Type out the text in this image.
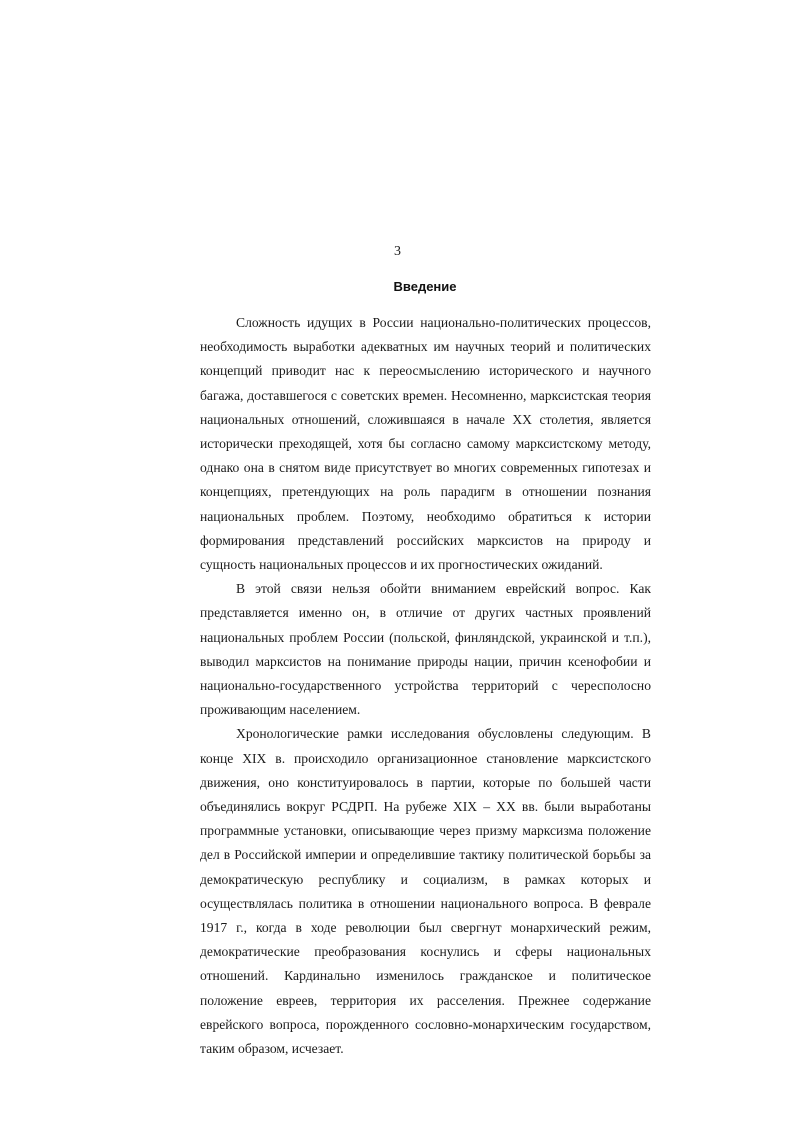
3
Введение

Сложность идущих в России национально-политических процессов, необходимость выработки адекватных им научных теорий и политических концепций приводит нас к переосмыслению исторического и научного багажа, доставшегося с советских времен. Несомненно, марксистская теория национальных отношений, сложившаяся в начале XX столетия, является исторически преходящей, хотя бы согласно самому марксистскому методу, однако она в снятом виде присутствует во многих современных гипотезах и концепциях, претендующих на роль парадигм в отношении познания национальных проблем. Поэтому, необходимо обратиться к истории формирования представлений российских марксистов на природу и сущность национальных процессов и их прогностических ожиданий.

В этой связи нельзя обойти вниманием еврейский вопрос. Как представляется именно он, в отличие от других частных проявлений национальных проблем России (польской, финляндской, украинской и т.п.), выводил марксистов на понимание природы нации, причин ксенофобии и национально-государственного устройства территорий с чересполосно проживающим населением.

Хронологические рамки исследования обусловлены следующим. В конце XIX в. происходило организационное становление марксистского движения, оно конституировалось в партии, которые по большей части объединялись вокруг РСДРП. На рубеже XIX – XX вв. были выработаны программные установки, описывающие через призму марксизма положение дел в Российской империи и определившие тактику политической борьбы за демократическую республику и социализм, в рамках которых и осуществлялась политика в отношении национального вопроса. В феврале 1917 г., когда в ходе революции был свергнут монархический режим, демократические преобразования коснулись и сферы национальных отношений. Кардинально изменилось гражданское и политическое положение евреев, территория их расселения. Прежнее содержание еврейского вопроса, порожденного сословно-монархическим государством, таким образом, исчезает.
